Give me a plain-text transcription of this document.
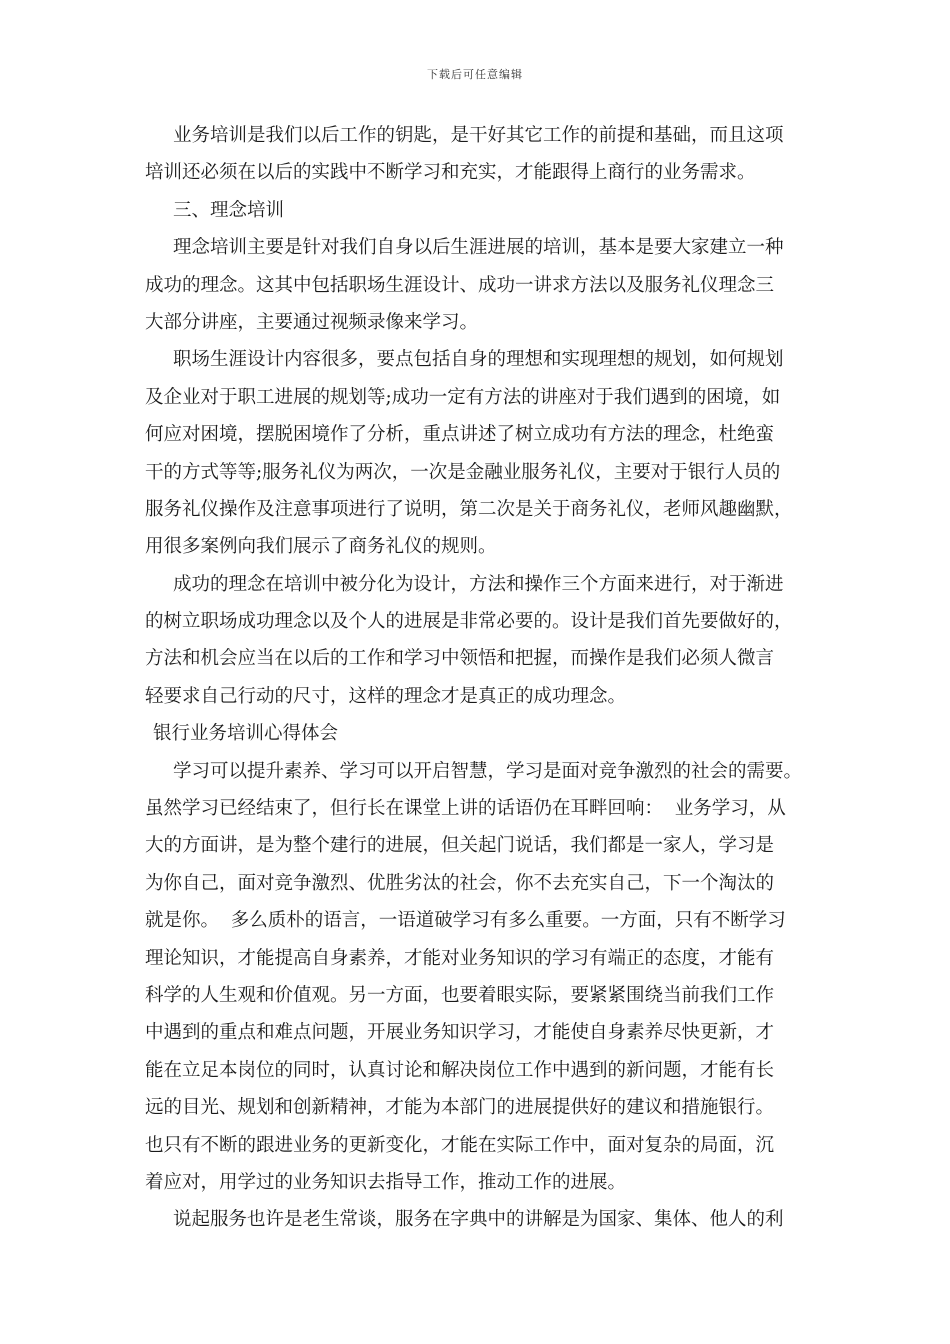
下载后可任意编辑
业务培训是我们以后工作的钥匙，是干好其它工作的前提和基础，而且这项
培训还必须在以后的实践中不断学习和充实，才能跟得上商行的业务需求。
三、理念培训
理念培训主要是针对我们自身以后生涯进展的培训，基本是要大家建立一种
成功的理念。这其中包括职场生涯设计、成功一讲求方法以及服务礼仪理念三
大部分讲座，主要通过视频录像来学习。
职场生涯设计内容很多，要点包括自身的理想和实现理想的规划，如何规划
及企业对于职工进展的规划等;成功一定有方法的讲座对于我们遇到的困境，如
何应对困境，摆脱困境作了分析，重点讲述了树立成功有方法的理念，杜绝蛮
干的方式等等;服务礼仪为两次，一次是金融业服务礼仪，主要对于银行人员的
服务礼仪操作及注意事项进行了说明，第二次是关于商务礼仪，老师风趣幽默，
用很多案例向我们展示了商务礼仪的规则。
成功的理念在培训中被分化为设计，方法和操作三个方面来进行，对于渐进
的树立职场成功理念以及个人的进展是非常必要的。设计是我们首先要做好的，
方法和机会应当在以后的工作和学习中领悟和把握，而操作是我们必须人微言
轻要求自己行动的尺寸，这样的理念才是真正的成功理念。
银行业务培训心得体会
学习可以提升素养、学习可以开启智慧，学习是面对竞争激烈的社会的需要。
虽然学习已经结束了，但行长在课堂上讲的话语仍在耳畔回响：  业务学习，从
大的方面讲，是为整个建行的进展，但关起门说话，我们都是一家人，学习是
为你自己，面对竞争激烈、优胜劣汰的社会，你不去充实自己，下一个淘汰的
就是你。  多么质朴的语言，一语道破学习有多么重要。一方面，只有不断学习
理论知识，才能提高自身素养，才能对业务知识的学习有端正的态度，才能有
科学的人生观和价值观。另一方面，也要着眼实际，要紧紧围绕当前我们工作
中遇到的重点和难点问题，开展业务知识学习，才能使自身素养尽快更新，才
能在立足本岗位的同时，认真讨论和解决岗位工作中遇到的新问题，才能有长
远的目光、规划和创新精神，才能为本部门的进展提供好的建议和措施银行。
也只有不断的跟进业务的更新变化，才能在实际工作中，面对复杂的局面，沉
着应对，用学过的业务知识去指导工作，推动工作的进展。
说起服务也许是老生常谈，服务在字典中的讲解是为国家、集体、他人的利
